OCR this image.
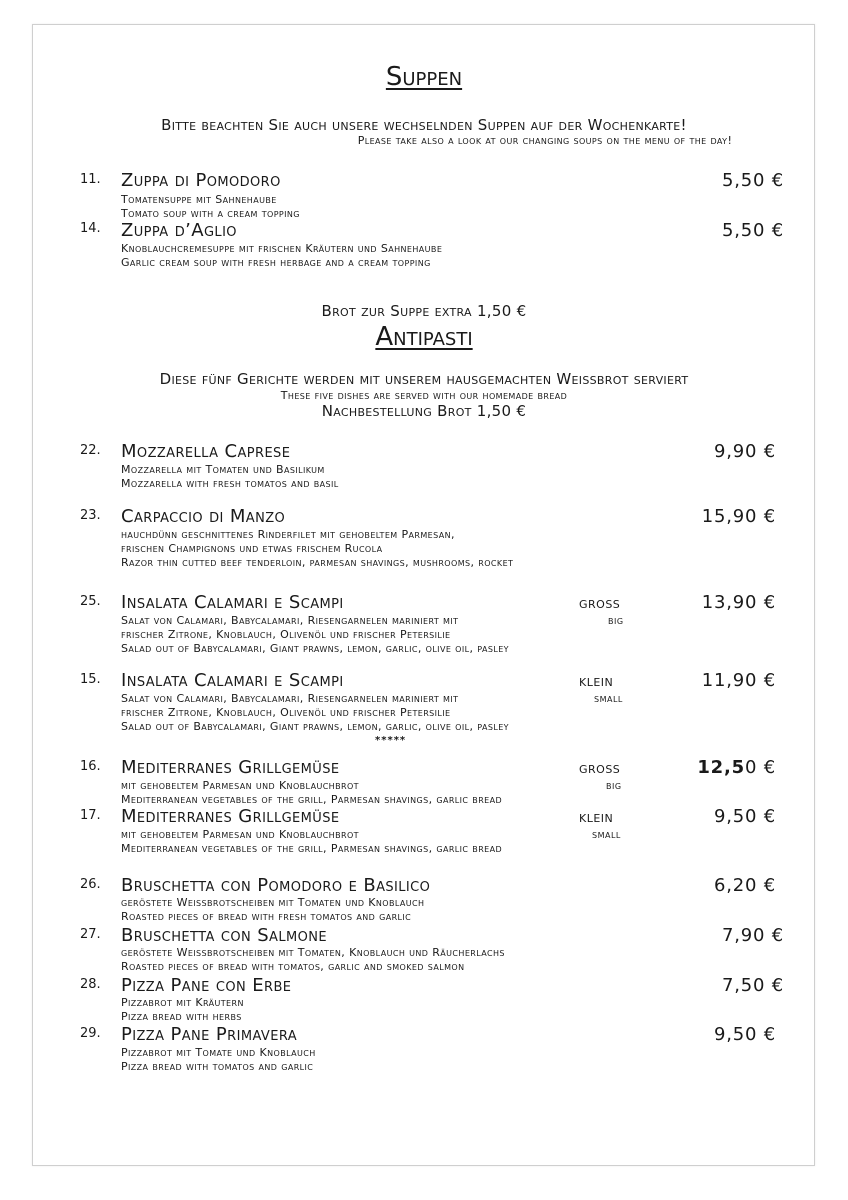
Suppen
Bitte beachten Sie auch unsere wechselnden Suppen auf der Wochenkarte!
Please take also a look at our changing soups on the menu of the day!
11. Zuppa di Pomodoro	5,50 €
Tomatensuppe mit Sahnehaube
Tomato soup with a cream topping
14. Zuppa d’Aglio	5,50 €
Knoblauchcremesuppe mit frischen Kräutern und Sahnehaube
Garlic cream soup with fresh herbage and a cream topping
Brot zur Suppe extra 1,50 €
Antipasti
Diese fünf Gerichte werden mit unserem hausgemachten Weissbrot serviert
These five dishes are served with our homemade bread
Nachbestellung Brot 1,50 €
22. Mozzarella Caprese	9,90 €
Mozzarella mit Tomaten und Basilikum
Mozzarella with fresh tomatos and basil
23. Carpaccio di Manzo	15,90 €
hauchdünn geschnittenes Rinderfilet mit gehobeltem Parmesan,
frischen Champignons und etwas frischem Rucola
Razor thin cutted beef tenderloin, parmesan shavings, mushrooms, rocket
25. Insalata Calamari e Scampi	gross	13,90 €
Salat von Calamari, Babycalamari, Riesengarnelen mariniert mit	big
frischer Zitrone, Knoblauch, Olivenöl und frischer Petersilie
Salad out of Babycalamari, Giant prawns, lemon, garlic, olive oil, pasley
15. Insalata Calamari e Scampi	klein	11,90 €
Salat von Calamari, Babycalamari, Riesengarnelen mariniert mit	small
frischer Zitrone, Knoblauch, Olivenöl und frischer Petersilie
Salad out of Babycalamari, Giant prawns, lemon, garlic, olive oil, pasley
*****
16. Mediterranes Grillgemüse	gross	12,50 €
mit gehobeltem Parmesan und Knoblauchbrot	big
Mediterranean vegetables of the grill, Parmesan shavings, garlic bread
17. Mediterranes Grillgemüse	klein	9,50 €
mit gehobeltem Parmesan und Knoblauchbrot	small
Mediterranean vegetables of the grill, Parmesan shavings, garlic bread
26. Bruschetta con Pomodoro e Basilico	6,20 €
geröstete Weissbrotscheiben mit Tomaten und Knoblauch
Roasted pieces of bread with fresh tomatos and garlic
27. Bruschetta con Salmone	7,90 €
geröstete Weissbrotscheiben mit Tomaten, Knoblauch und Räucherlachs
Roasted pieces of bread with tomatos, garlic and smoked salmon
28. Pizza Pane con Erbe	7,50 €
Pizzabrot mit Kräutern
Pizza bread with herbs
29. Pizza Pane Primavera	9,50 €
Pizzabrot mit Tomate und Knoblauch
Pizza bread with tomatos and garlic
